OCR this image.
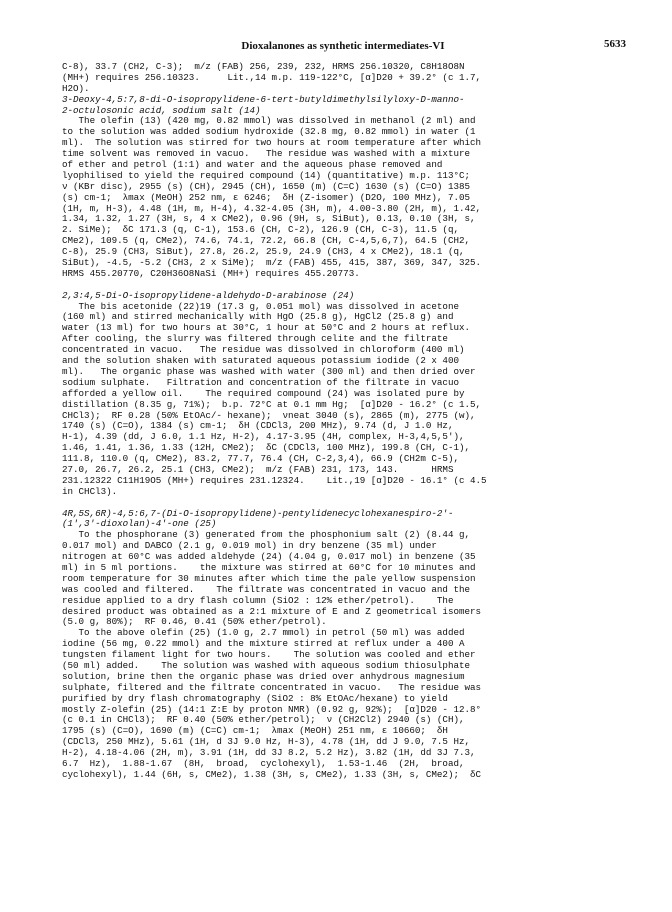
Dioxalanones as synthetic intermediates-VI	5633
C-8), 33.7 (CH2, C-3);  m/z (FAB) 256, 239, 232, HRMS 256.10320, C8H18O8N
(MH+) requires 256.10323.     Lit.,14 m.p. 119-122°C, [α]D20 + 39.2° (c 1.7,
H2O).
3-Deoxy-4,5:7,8-di-O-isopropylidene-6-tert-butyldimethylsilyloxy-D-manno-
2-octulosonic acid, sodium salt (14)
The olefin (13) (420 mg, 0.82 mmol) was dissolved in methanol (2 ml) and
to the solution was added sodium hydroxide (32.8 mg, 0.82 mmol) in water (1
ml).  The solution was stirred for two hours at room temperature after which
time solvent was removed in vacuo.   The residue was washed with a mixture
of ether and petrol (1:1) and water and the aqueous phase removed and
lyophilised to yield the required compound (14) (quantitative) m.p. 113°C;
ν (KBr disc), 2955 (s) (CH), 2945 (CH), 1650 (m) (C=C) 1630 (s) (C=O) 1385
(s) cm-1;  λmax (MeOH) 252 nm, ε 6246;  δH (Z-isomer) (D2O, 100 MHz), 7.05
(1H, m, H-3), 4.48 (1H, m, H-4), 4.32-4.05 (3H, m), 4.00-3.80 (2H, m), 1.42,
1.34, 1.32, 1.27 (3H, s, 4 x CMe2), 0.96 (9H, s, SiBut), 0.13, 0.10 (3H, s,
2. SiMe);  δC 171.3 (q, C-1), 153.6 (CH, C-2), 126.9 (CH, C-3), 11.5 (q,
CMe2), 109.5 (q, CMe2), 74.6, 74.1, 72.2, 66.8 (CH, C-4,5,6,7), 64.5 (CH2,
C-8), 25.9 (CH3, SiBut), 27.8, 26.2, 25.9, 24.9 (CH3, 4 x CMe2), 18.1 (q,
SiBut), -4.5, -5.2 (CH3, 2 x SiMe);  m/z (FAB) 455, 415, 387, 369, 347, 325.
HRMS 455.20770, C20H36O8NaSi (MH+) requires 455.20773.
2,3:4,5-Di-O-isopropylidene-aldehydo-D-arabinose (24)
The bis acetonide (22)19 (17.3 g, 0.051 mol) was dissolved in acetone
(160 ml) and stirred mechanically with HgO (25.8 g), HgCl2 (25.8 g) and
water (13 ml) for two hours at 30°C, 1 hour at 50°C and 2 hours at reflux.
After cooling, the slurry was filtered through celite and the filtrate
concentrated in vacuo.   The residue was dissolved in chloroform (400 ml)
and the solution shaken with saturated aqueous potassium iodide (2 x 400
ml).   The organic phase was washed with water (300 ml) and then dried over
sodium sulphate.   Filtration and concentration of the filtrate in vacuo
afforded a yellow oil.    The required compound (24) was isolated pure by
distillation (8.35 g, 71%);  b.p. 72°C at 0.1 mm Hg;  [α]D20 - 16.2° (c 1.5,
CHCl3);  RF 0.28 (50% EtOAc/- hexane);  νneat 3040 (s), 2865 (m), 2775 (w),
1740 (s) (C=O), 1384 (s) cm-1;  δH (CDCl3, 200 MHz), 9.74 (d, J 1.0 Hz,
H-1), 4.39 (dd, J 6.0, 1.1 Hz, H-2), 4.17-3.95 (4H, complex, H-3,4,5,5'),
1.46, 1.41, 1.36, 1.33 (12H, CMe2);  δC (CDCl3, 100 MHz), 199.8 (CH, C-1),
111.8, 110.0 (q, CMe2), 83.2, 77.7, 76.4 (CH, C-2,3,4), 66.9 (CH2m C-5),
27.0, 26.7, 26.2, 25.1 (CH3, CMe2);  m/z (FAB) 231, 173, 143.      HRMS
231.12322 C11H19O5 (MH+) requires 231.12324.    Lit.,19 [α]D20 - 16.1° (c 4.5
in CHCl3).
4R,5S,6R)-4,5:6,7-(Di-O-isopropylidene)-pentylidenecyclohexanespiro-2'-
(1',3'-dioxolan)-4'-one (25)
To the phosphorane (3) generated from the phosphonium salt (2) (8.44 g,
0.017 mol) and DABCO (2.1 g, 0.019 mol) in dry benzene (35 ml) under
nitrogen at 60°C was added aldehyde (24) (4.04 g, 0.017 mol) in benzene (35
ml) in 5 ml portions.    the mixture was stirred at 60°C for 10 minutes and
room temperature for 30 minutes after which time the pale yellow suspension
was cooled and filtered.    The filtrate was concentrated in vacuo and the
residue applied to a dry flash column (SiO2 : 12% ether/petrol).    The
desired product was obtained as a 2:1 mixture of E and Z geometrical isomers
(5.0 g, 80%);  RF 0.46, 0.41 (50% ether/petrol).
To the above olefin (25) (1.0 g, 2.7 mmol) in petrol (50 ml) was added
iodine (56 mg, 0.22 mmol) and the mixture stirred at reflux under a 400 A
tungsten filament light for two hours.    The solution was cooled and ether
(50 ml) added.    The solution was washed with aqueous sodium thiosulphate
solution, brine then the organic phase was dried over anhydrous magnesium
sulphate, filtered and the filtrate concentrated in vacuo.   The residue was
purified by dry flash chromatography (SiO2 : 8% EtOAc/hexane) to yield
mostly Z-olefin (25) (14:1 Z:E by proton NMR) (0.92 g, 92%);  [α]D20 - 12.8°
(c 0.1 in CHCl3);  RF 0.40 (50% ether/petrol);  ν (CH2Cl2) 2940 (s) (CH),
1795 (s) (C=O), 1690 (m) (C=C) cm-1;  λmax (MeOH) 251 nm, ε 10660;  δH
(CDCl3, 250 MHz), 5.61 (1H, d 3J 9.0 Hz, H-3), 4.78 (1H, dd J 9.0, 7.5 Hz,
H-2), 4.18-4.06 (2H, m), 3.91 (1H, dd 3J 8.2, 5.2 Hz), 3.82 (1H, dd 3J 7.3,
6.7  Hz),  1.88-1.67  (8H,  broad,  cyclohexyl),  1.53-1.46  (2H,  broad,
cyclohexyl), 1.44 (6H, s, CMe2), 1.38 (3H, s, CMe2), 1.33 (3H, s, CMe2);  δC
